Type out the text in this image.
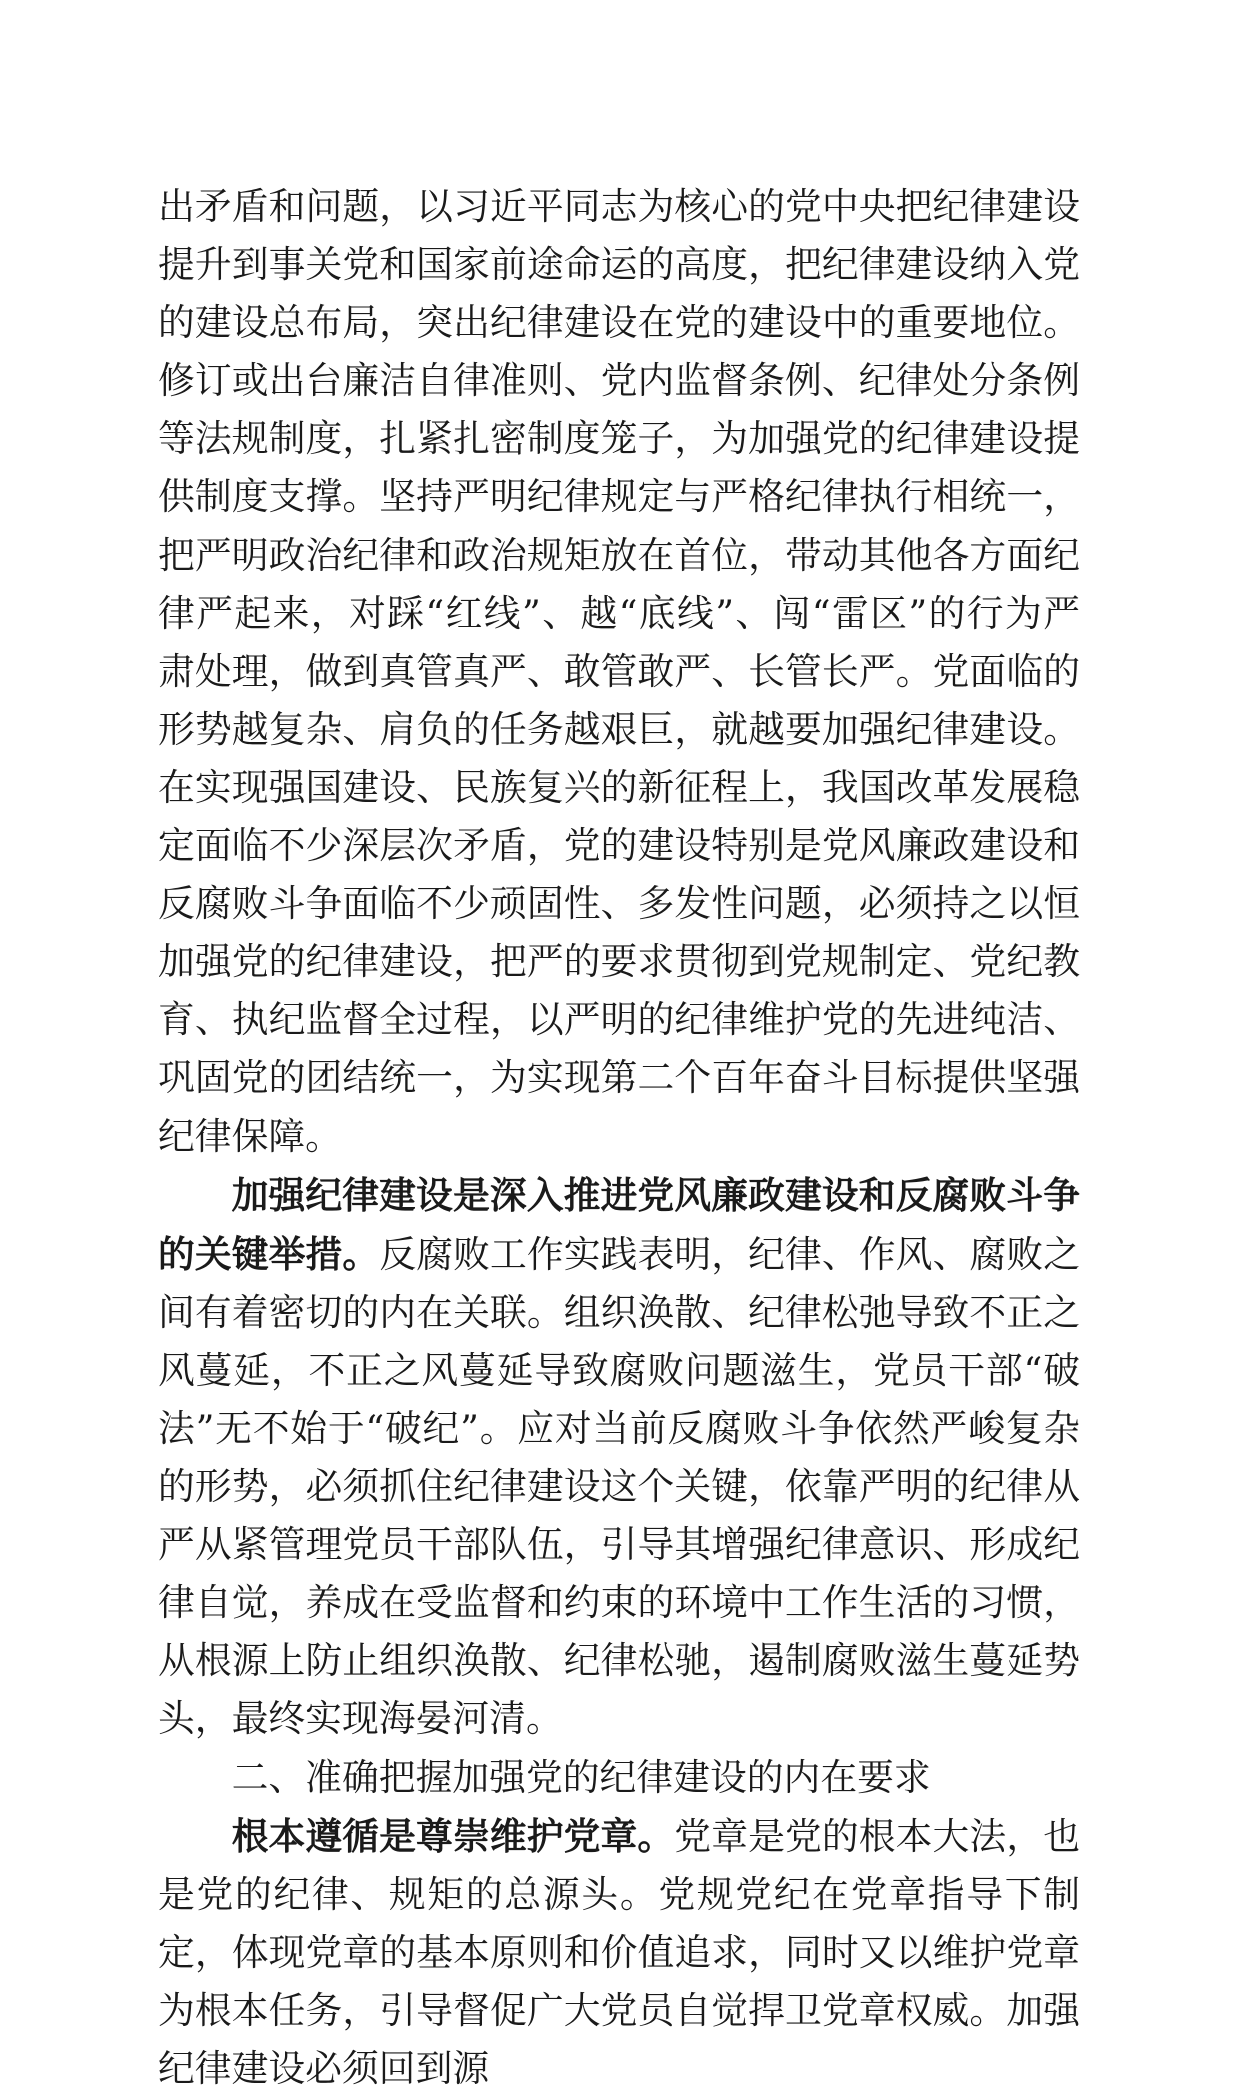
出矛盾和问题，以习近平同志为核心的党中央把纪律建设提升到事关党和国家前途命运的高度，把纪律建设纳入党的建设总布局，突出纪律建设在党的建设中的重要地位。修订或出台廉洁自律准则、党内监督条例、纪律处分条例等法规制度，扎紧扎密制度笼子，为加强党的纪律建设提供制度支撑。坚持严明纪律规定与严格纪律执行相统一，把严明政治纪律和政治规矩放在首位，带动其他各方面纪律严起来，对踩“红线”、越“底线”、闯“雷区”的行为严肃处理，做到真管真严、敢管敢严、长管长严。党面临的形势越复杂、肩负的任务越艰巨，就越要加强纪律建设。在实现强国建设、民族复兴的新征程上，我国改革发展稳定面临不少深层次矛盾，党的建设特别是党风廉政建设和反腐败斗争面临不少顽固性、多发性问题，必须持之以恒加强党的纪律建设，把严的要求贯彻到党规制定、党纪教育、执纪监督全过程，以严明的纪律维护党的先进纯洁、巩固党的团结统一，为实现第二个百年奋斗目标提供坚强纪律保障。

加强纪律建设是深入推进党风廉政建设和反腐败斗争的关键举措。反腐败工作实践表明，纪律、作风、腐败之间有着密切的内在关联。组织涣散、纪律松弛导致不正之风蔓延，不正之风蔓延导致腐败问题滋生，党员干部“破法”无不始于“破纪”。应对当前反腐败斗争依然严峻复杂的形势，必须抓住纪律建设这个关键，依靠严明的纪律从严从紧管理党员干部队伍，引导其增强纪律意识、形成纪律自觉，养成在受监督和约束的环境中工作生活的习惯，从根源上防止组织涣散、纪律松驰，遏制腐败滋生蔓延势头，最终实现海晏河清。

二、准确把握加强党的纪律建设的内在要求

根本遵循是尊崇维护党章。党章是党的根本大法，也是党的纪律、规矩的总源头。党规党纪在党章指导下制定，体现党章的基本原则和价值追求，同时又以维护党章为根本任务，引导督促广大党员自觉捍卫党章权威。加强纪律建设必须回到源
